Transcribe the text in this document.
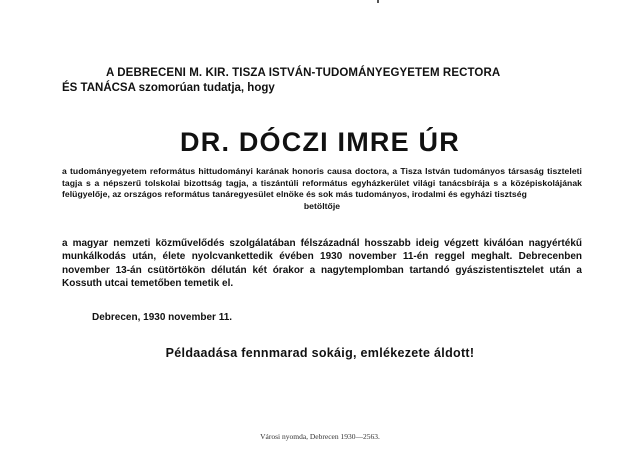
A DEBRECENI M. KIR. TISZA ISTVÁN-TUDOMÁNYEGYETEM RECTORA
ÉS TANÁCSA szomorúan tudatja, hogy
DR. DÓCZI IMRE ÚR
a tudományegyetem református hittudományi karának honoris causa doctora, a Tisza István tudományos társaság tiszteleti tagja s a népszerű tolskolai bizottság tagja, a tiszántúli református egyházkerület világi tanácsbírája s a középiskolájának felügyelője, az országos református tanáregyesület elnöke és sok más tudományos, irodalmi és egyházi tisztség
betöltője
a magyar nemzeti közművelődés szolgálatában félszázadnál hosszabb ideig végzett kiválóan nagyértékű munkálkodás után, élete nyolcvankettedik évében 1930 november 11-én reggel meghalt. Debrecenben november 13-án csütörtökön délután két órakor a nagytemplomban tartandó gyászistentisztelet után a Kossuth utcai temetőben temetik el.
Debrecen, 1930 november 11.
Példaadása fennmarad sokáig, emlékezete áldott!
Városi nyomda, Debrecen 1930—2563.
